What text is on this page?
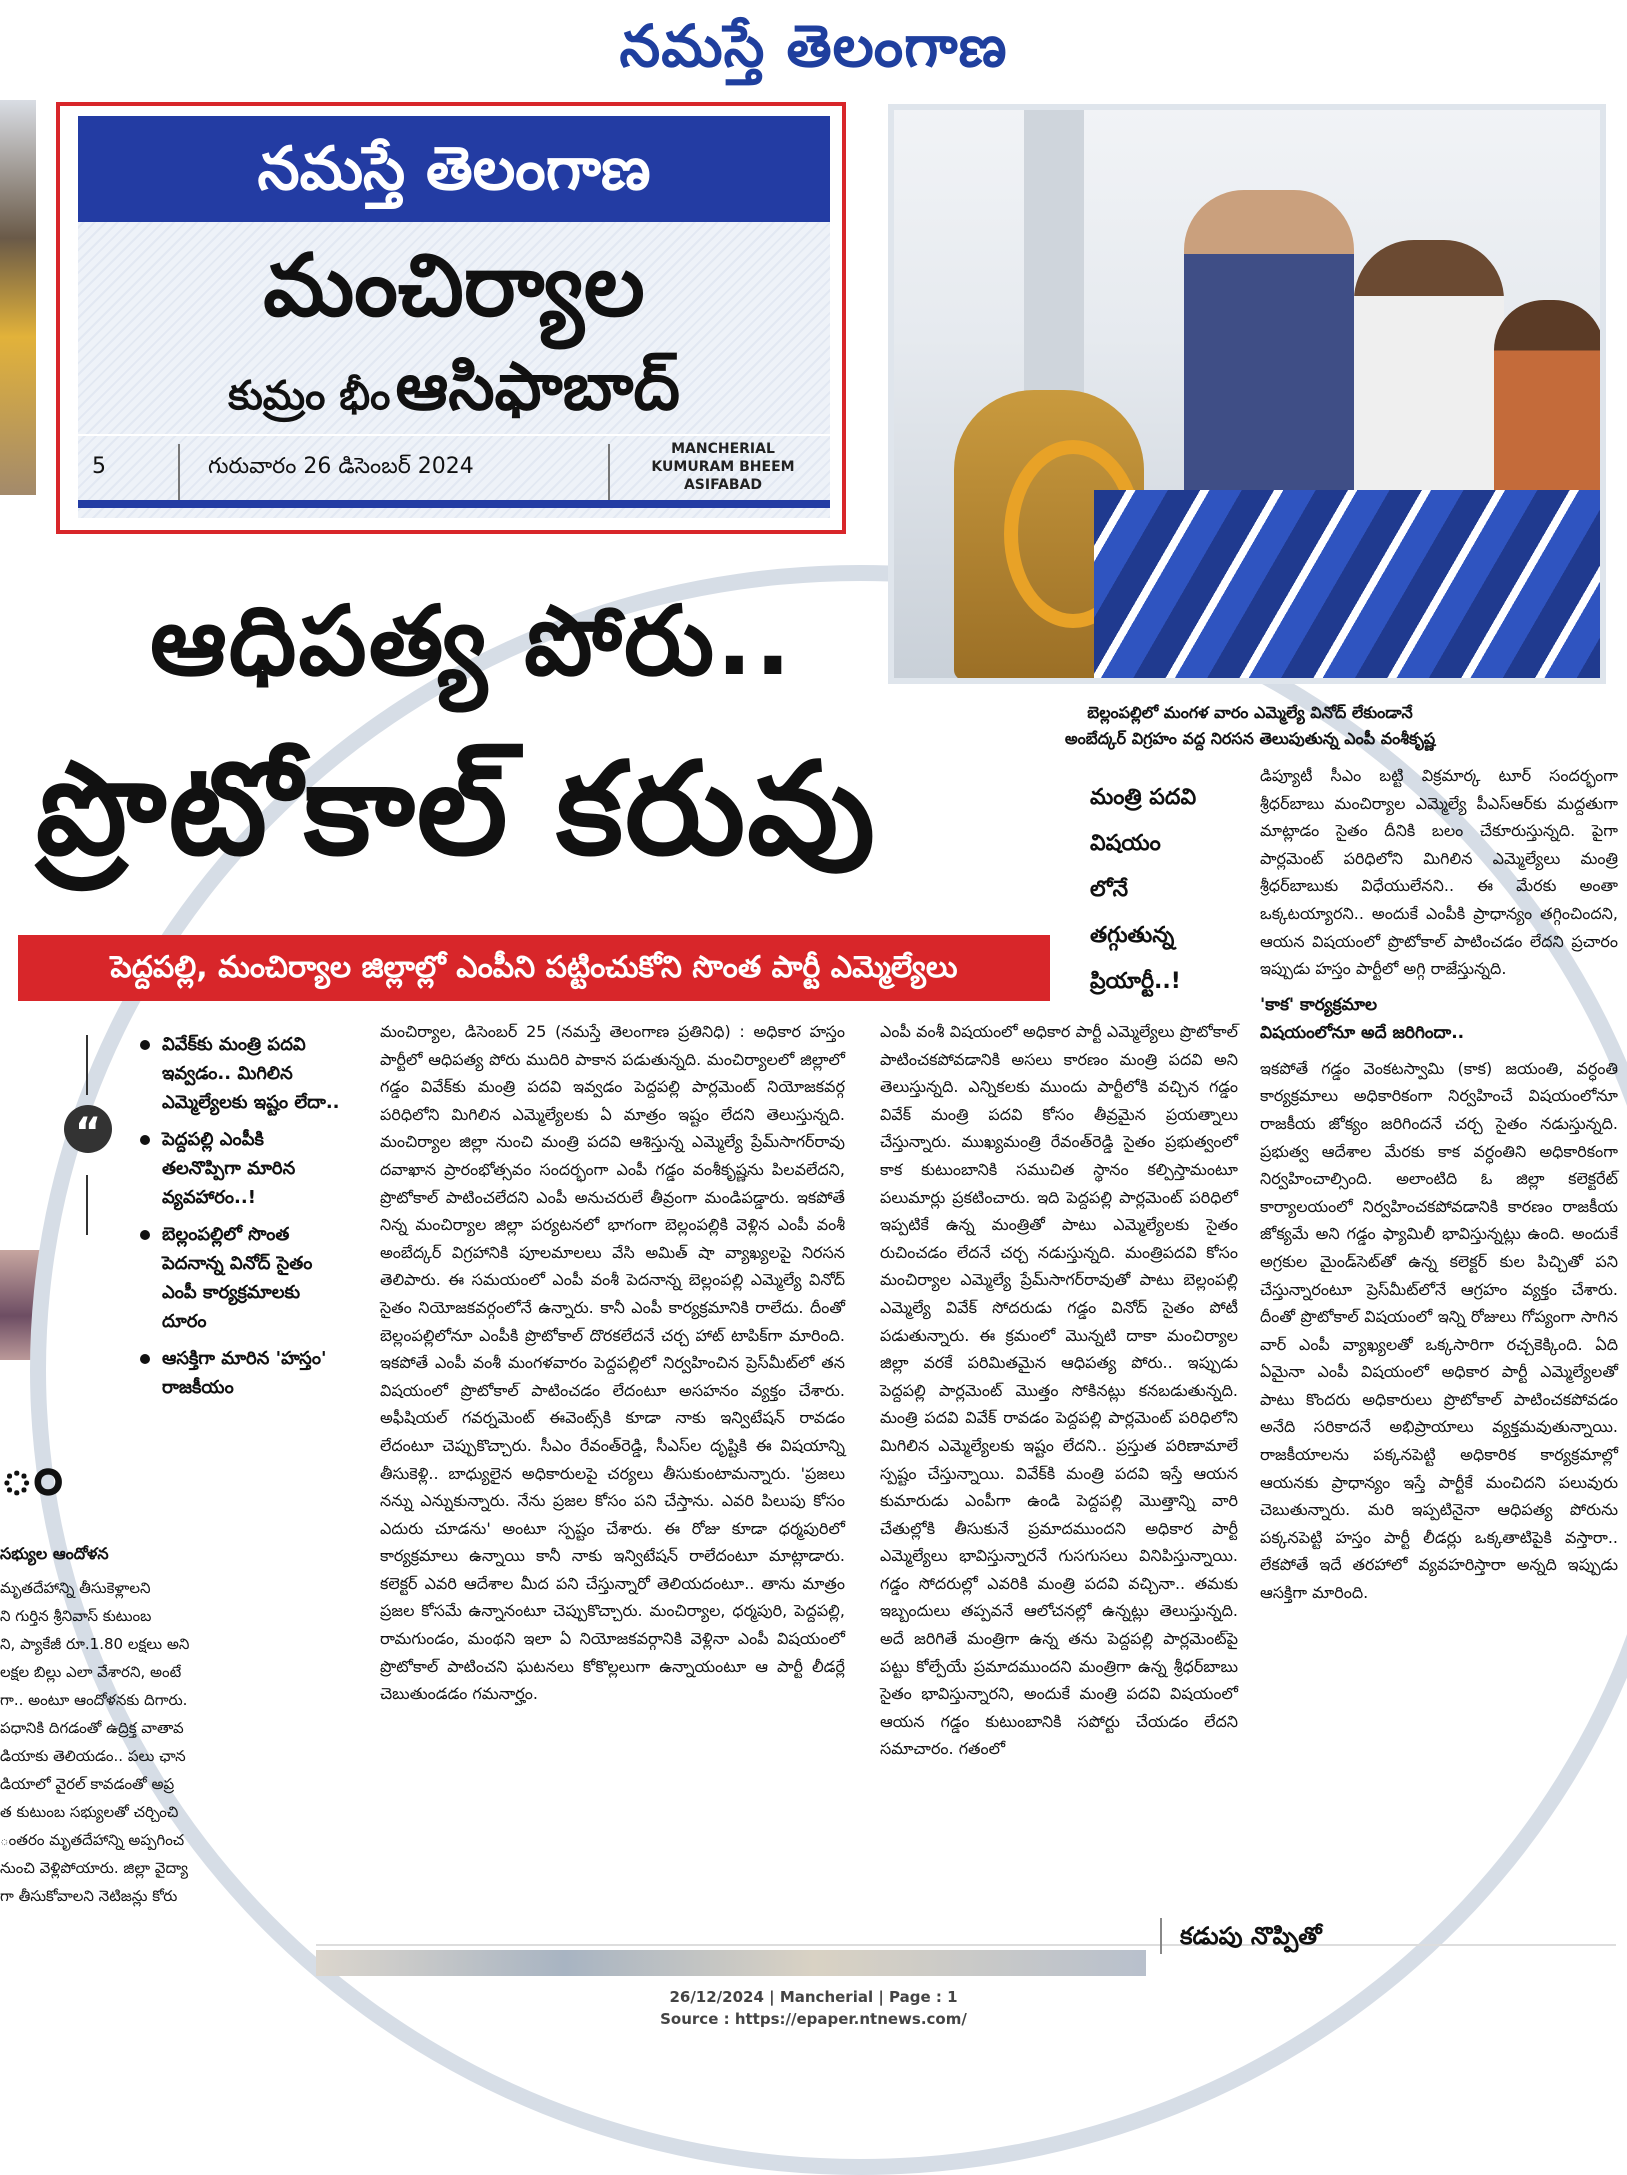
నమస్తే తెలంగాణ
నమస్తే తెలంగాణ
మంచిర్యాల
కుమ్రం భీం ఆసిఫాబాద్
5	గురువారం 26 డిసెంబర్ 2024
MANCHERIAL
KUMURAM BHEEM
ASIFABAD
బెల్లంపల్లిలో మంగళ వారం ఎమ్మెల్యే వినోద్ లేకుండానే
అంబేద్కర్ విగ్రహం వద్ద నిరసన తెలుపుతున్న ఎంపీ వంశీకృష్ణ
ఆధిపత్య పోరు..
ప్రొటోకాల్ కరువు
పెద్దపల్లి, మంచిర్యాల జిల్లాల్లో ఎంపీని పట్టించుకోని సొంత పార్టీ ఎమ్మెల్యేలు
మంత్రి పదవి
విషయం
లోనే
తగ్గుతున్న
ప్రియార్టీ..!
“
వివేక్‌కు మంత్రి పదవి ఇవ్వడం.. మిగిలిన ఎమ్మెల్యేలకు ఇష్టం లేదా..
పెద్దపల్లి ఎంపీకి తలనొప్పిగా మారిన వ్యవహారం..!
బెల్లంపల్లిలో సొంత పెదనాన్న వినోద్ సైతం ఎంపీ కార్యక్రమాలకు దూరం
ఆసక్తిగా మారిన 'హస్తం' రాజకీయం
ం
సభ్యుల ఆందోళన

మృతదేహాన్ని తీసుకెళ్లాలని

ని గుర్తిన శ్రీనివాస్ కుటుంబ

ని, ప్యాకేజీ రూ.1.80 లక్షలు అని

లక్షల బిల్లు ఎలా వేశారని, అంటే

గా.. అంటూ ఆందోళనకు దిగారు.

పధానికి దిగడంతో ఉద్రిక్త వాతావ

డియాకు తెలియడం.. పలు ఛాన

డియాలో వైరల్ కావడంతో అప్ర

త కుటుంబ సభ్యులతో చర్చించి

ంతరం మృతదేహాన్ని అప్పగించ

నుంచి వెళ్లిపోయారు. జిల్లా వైద్యా

గా తీసుకోవాలని నెటిజన్లు కోరు

మంచిర్యాల, డిసెంబర్ 25 (నమస్తే తెలంగాణ ప్రతినిధి) : అధికార హస్తం పార్టీలో ఆధిపత్య పోరు ముదిరి పాకాన పడుతున్నది. మంచిర్యాలలో జిల్లాలో గడ్డం వివేక్‌కు మంత్రి పదవి ఇవ్వడం పెద్దపల్లి పార్లమెంట్ నియోజకవర్గ పరిధిలోని మిగిలిన ఎమ్మెల్యేలకు ఏ మాత్రం ఇష్టం లేదని తెలుస్తున్నది. మంచిర్యాల జిల్లా నుంచి మంత్రి పదవి ఆశిస్తున్న ఎమ్మెల్యే ప్రేమ్‌సాగర్‌రావు దవాఖాన ప్రారంభోత్సవం సందర్భంగా ఎంపీ గడ్డం వంశీకృష్ణను పిలవలేదని, ప్రొటోకాల్ పాటించలేదని ఎంపీ అనుచరులే తీవ్రంగా మండిపడ్డారు. ఇకపోతే నిన్న మంచిర్యాల జిల్లా పర్యటనలో భాగంగా బెల్లంపల్లికి వెళ్లిన ఎంపీ వంశీ అంబేద్కర్ విగ్రహానికి పూలమాలలు వేసి అమిత్ షా వ్యాఖ్యలపై నిరసన తెలిపారు. ఈ సమయంలో ఎంపీ వంశీ పెదనాన్న బెల్లంపల్లి ఎమ్మెల్యే వినోద్ సైతం నియోజకవర్గంలోనే ఉన్నారు. కానీ ఎంపీ కార్యక్రమానికి రాలేదు. దీంతో బెల్లంపల్లిలోనూ ఎంపీకి ప్రొటోకాల్ దొరకలేదనే చర్చ హాట్ టాపిక్‌గా మారింది. ఇకపోతే ఎంపీ వంశీ మంగళవారం పెద్దపల్లిలో నిర్వహించిన ప్రెస్‌మీట్‌లో తన విషయంలో ప్రొటోకాల్ పాటించడం లేదంటూ అసహనం వ్యక్తం చేశారు. అఫీషియల్ గవర్నమెంట్ ఈవెంట్స్‌కి కూడా నాకు ఇన్విటేషన్ రావడం లేదంటూ చెప్పుకొచ్చారు. సీఎం రేవంత్‌రెడ్డి, సీఎస్‌ల దృష్టికి ఈ విషయాన్ని తీసుకెళ్లి.. బాధ్యులైన అధికారులపై చర్యలు తీసుకుంటామన్నారు. 'ప్రజలు నన్ను ఎన్నుకున్నారు. నేను ప్రజల కోసం పని చేస్తాను. ఎవరి పిలుపు కోసం ఎదురు చూడను' అంటూ స్పష్టం చేశారు. ఈ రోజు కూడా ధర్మపురిలో కార్యక్రమాలు ఉన్నాయి కానీ నాకు ఇన్విటేషన్ రాలేదంటూ మాట్లాడారు. కలెక్టర్ ఎవరి ఆదేశాల మీద పని చేస్తున్నారో తెలియదంటూ.. తాను మాత్రం ప్రజల కోసమే ఉన్నానంటూ చెప్పుకొచ్చారు. మంచిర్యాల, ధర్మపురి, పెద్దపల్లి, రామగుండం, మంథని ఇలా ఏ నియోజకవర్గానికి వెళ్లినా ఎంపీ విషయంలో ప్రొటోకాల్ పాటించని ఘటనలు కోకొల్లలుగా ఉన్నాయంటూ ఆ పార్టీ లీడర్లే చెబుతుండడం గమనార్హం.

ఎంపీ వంశీ విషయంలో అధికార పార్టీ ఎమ్మెల్యేలు ప్రొటోకాల్ పాటించకపోవడానికి అసలు కారణం మంత్రి పదవి అని తెలుస్తున్నది. ఎన్నికలకు ముందు పార్టీలోకి వచ్చిన గడ్డం వివేక్ మంత్రి పదవి కోసం తీవ్రమైన ప్రయత్నాలు చేస్తున్నారు. ముఖ్యమంత్రి రేవంత్‌రెడ్డి సైతం ప్రభుత్వంలో కాక కుటుంబానికి సముచిత స్థానం కల్పిస్తామంటూ పలుమార్లు ప్రకటించారు. ఇది పెద్దపల్లి పార్లమెంట్ పరిధిలో ఇప్పటికే ఉన్న మంత్రితో పాటు ఎమ్మెల్యేలకు సైతం రుచించడం లేదనే చర్చ నడుస్తున్నది. మంత్రిపదవి కోసం మంచిర్యాల ఎమ్మెల్యే ప్రేమ్‌సాగర్‌రావుతో పాటు బెల్లంపల్లి ఎమ్మెల్యే వివేక్ సోదరుడు గడ్డం వినోద్ సైతం పోటీ పడుతున్నారు. ఈ క్రమంలో మొన్నటి దాకా మంచిర్యాల జిల్లా వరకే పరిమితమైన ఆధిపత్య పోరు.. ఇప్పుడు పెద్దపల్లి పార్లమెంట్ మొత్తం సోకినట్లు కనబడుతున్నది. మంత్రి పదవి వివేక్ రావడం పెద్దపల్లి పార్లమెంట్ పరిధిలోని మిగిలిన ఎమ్మెల్యేలకు ఇష్టం లేదని.. ప్రస్తుత పరిణామాలే స్పష్టం చేస్తున్నాయి. వివేక్‌కి మంత్రి పదవి ఇస్తే ఆయన కుమారుడు ఎంపీగా ఉండి పెద్దపల్లి మొత్తాన్ని వారి చేతుల్లోకి తీసుకునే ప్రమాదముందని అధికార పార్టీ ఎమ్మెల్యేలు భావిస్తున్నారనే గుసగుసలు వినిపిస్తున్నాయి. గడ్డం సోదరుల్లో ఎవరికి మంత్రి పదవి వచ్చినా.. తమకు ఇబ్బందులు తప్పవనే ఆలోచనల్లో ఉన్నట్లు తెలుస్తున్నది. అదే జరిగితే మంత్రిగా ఉన్న తను పెద్దపల్లి పార్లమెంట్‌పై పట్టు కోల్పేయే ప్రమాదముందని మంత్రిగా ఉన్న శ్రీధర్‌బాబు సైతం భావిస్తున్నారని, అందుకే మంత్రి పదవి విషయంలో ఆయన గడ్డం కుటుంబానికి సపోర్టు చేయడం లేదని సమాచారం. గతంలో

డిప్యూటీ సీఎం బట్టి విక్రమార్క టూర్ సందర్భంగా శ్రీధర్‌బాబు మంచిర్యాల ఎమ్మెల్యే పీఎస్‌ఆర్‌కు మద్దతుగా మాట్లాడం సైతం దీనికి బలం చేకూరుస్తున్నది. పైగా పార్లమెంట్ పరిధిలోని మిగిలిన ఎమ్మెల్యేలు మంత్రి శ్రీధర్‌బాబుకు విధేయులేనని.. ఈ మేరకు అంతా ఒక్కటయ్యారని.. అందుకే ఎంపీకి ప్రాధాన్యం తగ్గించిందని, ఆయన విషయంలో ప్రొటోకాల్ పాటించడం లేదని ప్రచారం ఇప్పుడు హస్తం పార్టీలో అగ్గి రాజేస్తున్నది.

'కాక' కార్యక్రమాల
విషయంలోనూ అదే జరిగిందా..

ఇకపోతే గడ్డం వెంకటస్వామి (కాక) జయంతి, వర్ధంతి కార్యక్రమాలు అధికారికంగా నిర్వహించే విషయంలోనూ రాజకీయ జోక్యం జరిగిందనే చర్చ సైతం నడుస్తున్నది. ప్రభుత్వ ఆదేశాల మేరకు కాక వర్ధంతిని అధికారికంగా నిర్వహించాల్సింది. అలాంటిది ఓ జిల్లా కలెక్టరేట్ కార్యాలయంలో నిర్వహించకపోవడానికి కారణం రాజకీయ జోక్యమే అని గడ్డం ఫ్యామిలీ భావిస్తున్నట్లు ఉంది. అందుకే అగ్రకుల మైండ్‌సెట్‌తో ఉన్న కలెక్టర్ కుల పిచ్చితో పని చేస్తున్నారంటూ ప్రెస్‌మీట్‌లోనే ఆగ్రహం వ్యక్తం చేశారు. దీంతో ప్రొటోకాల్ విషయంలో ఇన్ని రోజులు గోప్యంగా సాగిన వార్ ఎంపీ వ్యాఖ్యలతో ఒక్కసారిగా రచ్చకెక్కింది. ఏది ఏమైనా ఎంపీ విషయంలో అధికార పార్టీ ఎమ్మెల్యేలతో పాటు కొందరు అధికారులు ప్రొటోకాల్ పాటించకపోవడం అనేది సరికాదనే అభిప్రాయాలు వ్యక్తమవుతున్నాయి. రాజకీయాలను పక్కనపెట్టి అధికారిక కార్యక్రమాల్లో ఆయనకు ప్రాధాన్యం ఇస్తే పార్టీకే మంచిదని పలువురు చెబుతున్నారు. మరి ఇప్పటినైనా ఆధిపత్య పోరును పక్కనపెట్టి హస్తం పార్టీ లీడర్లు ఒక్కతాటిపైకి వస్తారా.. లేకపోతే ఇదే తరహాలో వ్యవహరిస్తారా అన్నది ఇప్పుడు ఆసక్తిగా మారింది.

కడుపు నొప్పితో
26/12/2024 | Mancherial | Page : 1
Source : https://epaper.ntnews.com/
